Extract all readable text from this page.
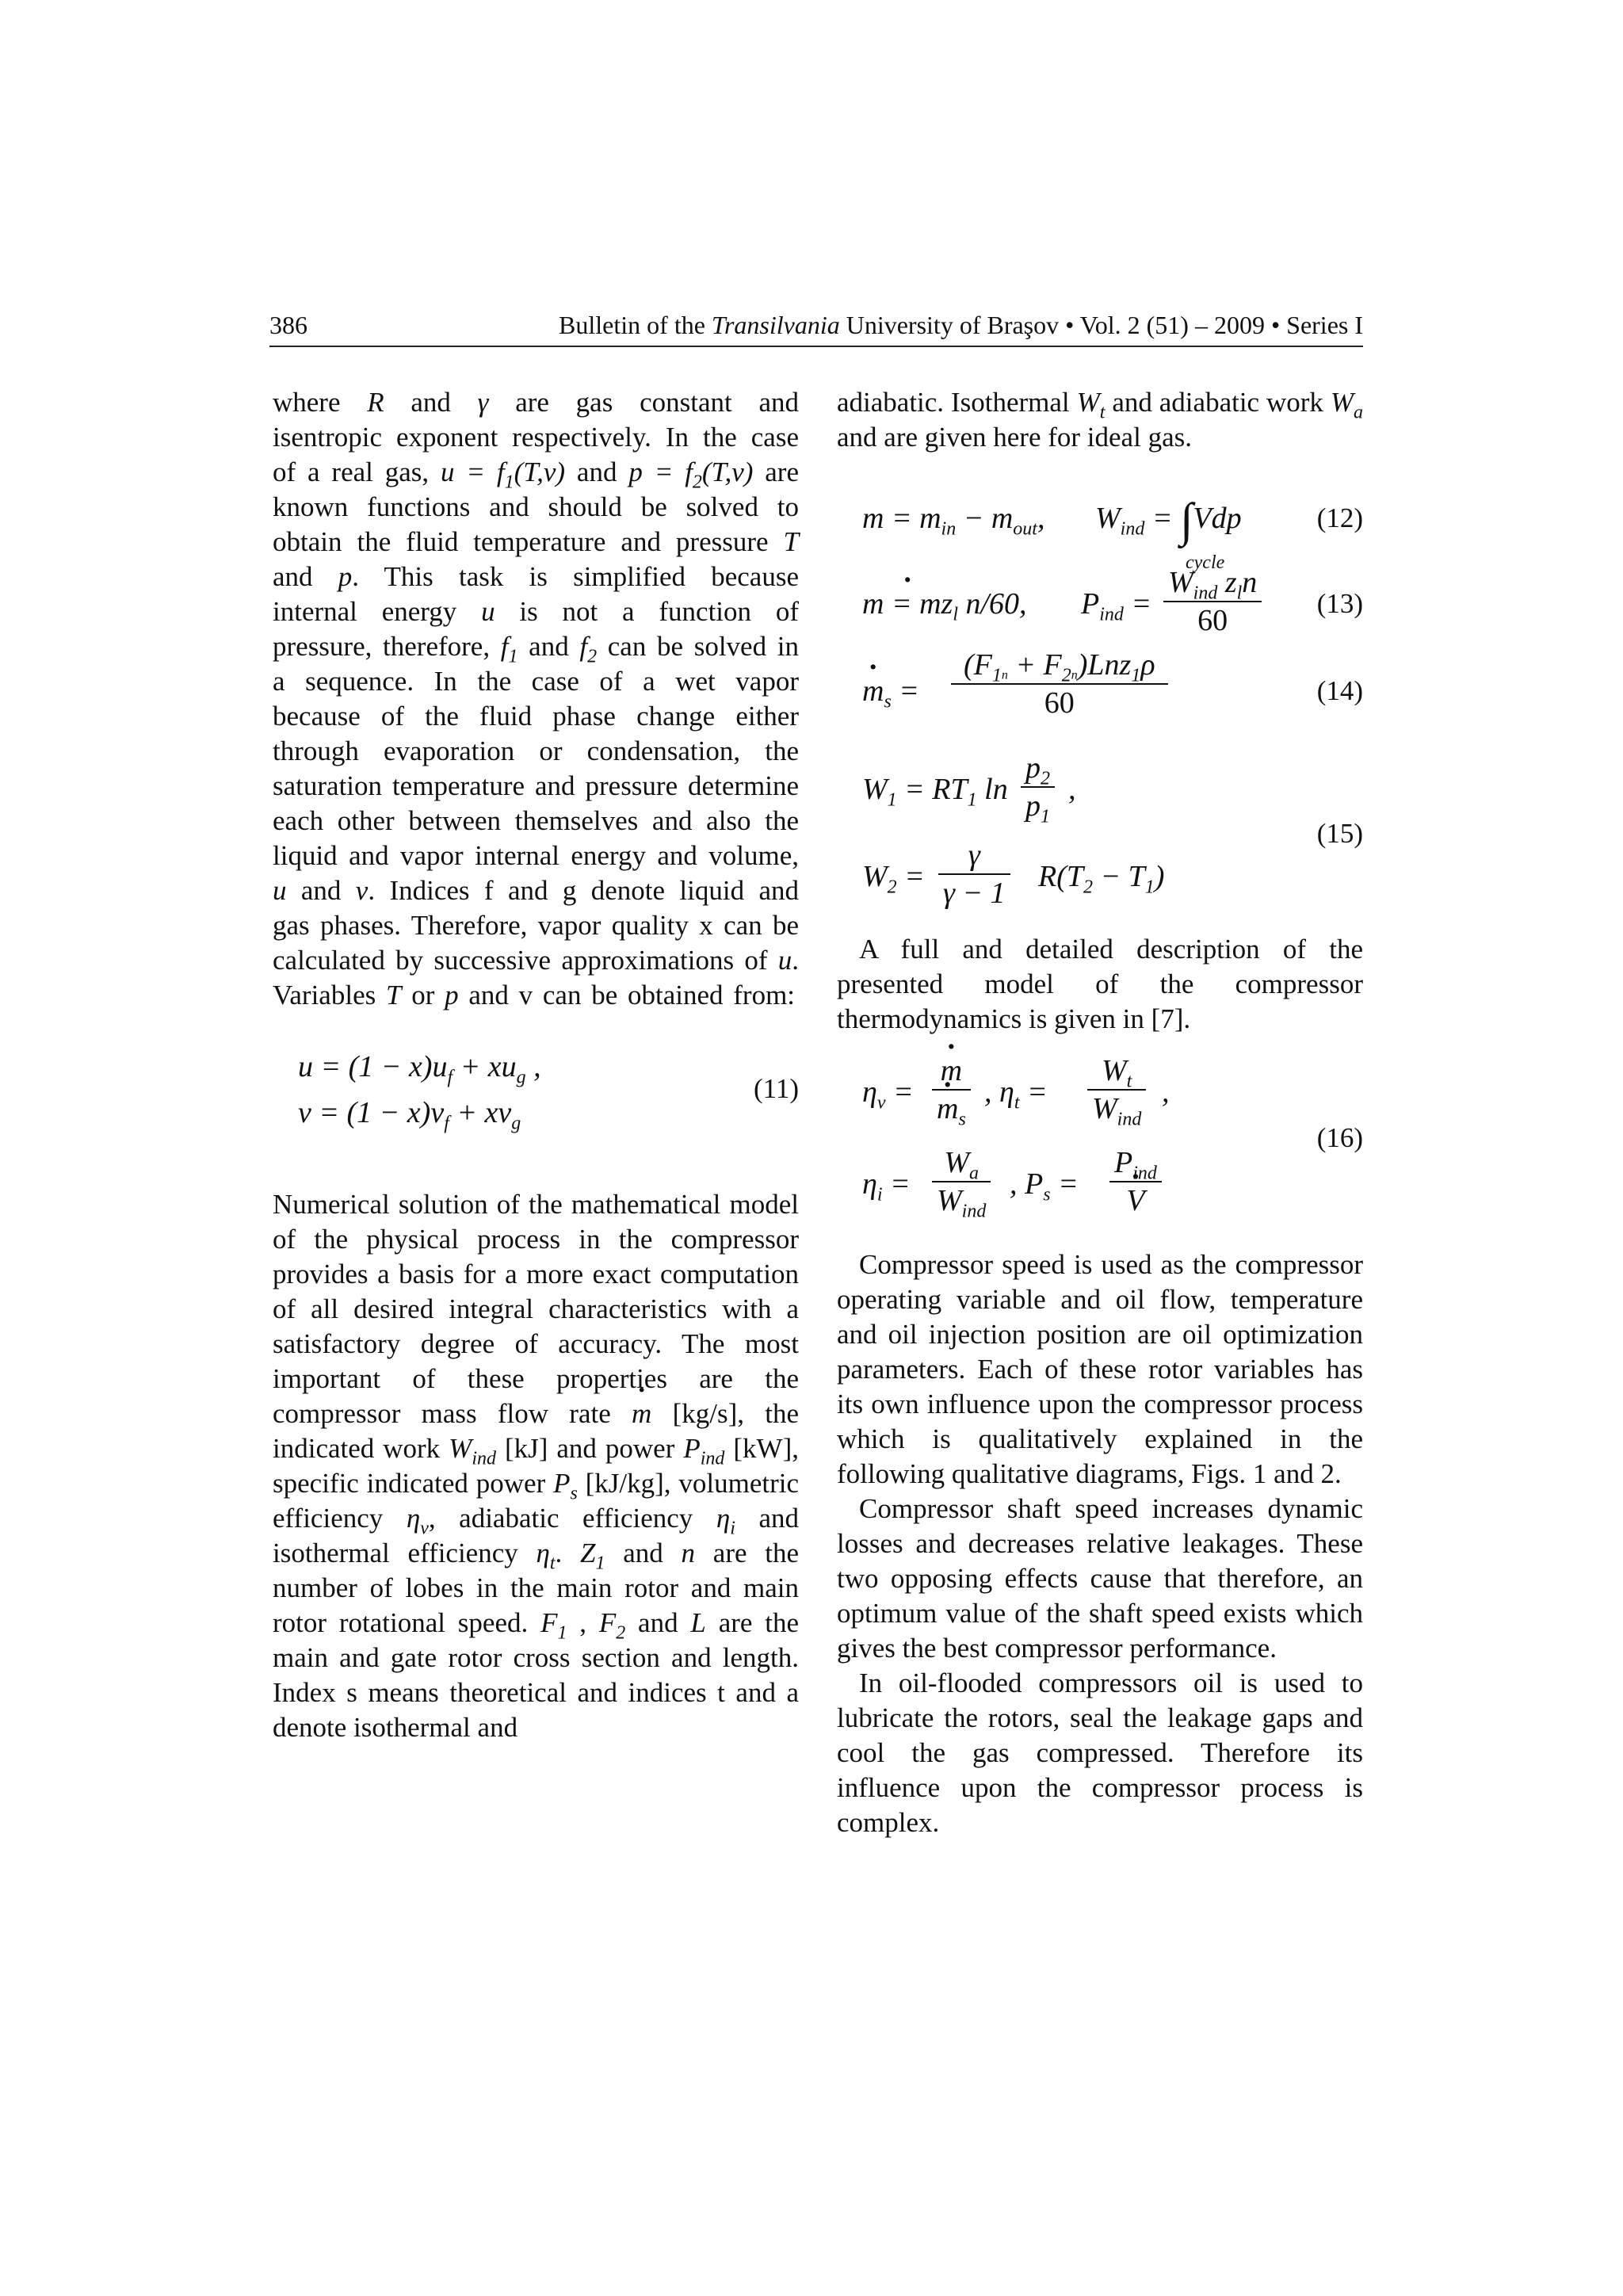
386	Bulletin of the Transilvania University of Braşov • Vol. 2 (51) – 2009 • Series I

where R and γ are gas constant and isentropic exponent respectively. In the case of a real gas, $u = f_1(T,v)$ and $p = f_2(T,v)$ are known functions and should be solved to obtain the fluid temperature and pressure T and p. This task is simplified because internal energy u is not a function of pressure, therefore, $f_1$ and $f_2$ can be solved in a sequence. In the case of a wet vapor because of the fluid phase change either through evaporation or condensation, the saturation temperature and pressure determine each other between themselves and also the liquid and vapor internal energy and volume, u and v. Indices f and g denote liquid and gas phases. Therefore, vapor quality x can be calculated by successive approximations of u. Variables T or p and v can be obtained from:

$u = (1 - x)u_f + xu_g$ ,
$v = (1 - x)v_f + xv_g$
(11)

Numerical solution of the mathematical model of the physical process in the compressor provides a basis for a more exact computation of all desired integral characteristics with a satisfactory degree of accuracy. The most important of these properties are the compressor mass flow rate · m [kg/s], the indicated work $W_{ind}$ [kJ] and power $P_{ind}$ [kW], specific indicated power $P_s$ [kJ/kg], volumetric efficiency $\eta_v$, adiabatic efficiency $\eta_i$ and isothermal efficiency $\eta_t$. $Z_1$ and n are the number of lobes in the main rotor and main rotor rotational speed. $F_1$ , $F_2$ and L are the main and gate rotor cross section and length. Index s means theoretical and indices t and a denote isothermal and

adiabatic. Isothermal $W_t$ and adiabatic work $W_a$ and are given here for ideal gas.

$m = m_{in} - m_{out}$, $W_{ind} = \int Vdp$
cycle
(12)
· $m = mz_l$ n/60, $P_{ind}$ =
$W_{ind}$ $z_ln$
60
(13)
· $m_s$ =
$(F_{1n} + F_{2n})Lnz_1\rho$
60	(14)
$W_1 = RT_1$ $\ln \frac{p_2}{p_1}$ ,
$W_2 = \frac{\gamma}{\gamma - 1} R(T_2 - T_1)$
(15)

A full and detailed description of the presented model of the compressor thermodynamics is given in [7].

$\eta_v$ =
· m
· $m_s$ , $\eta_t$ =
$W_t$
$W_{ind}$
,
$\eta_i$ =
$W_a$
$W_{ind}$
, $P_s$ =
$P_{ind}$
· V
(16)

Compressor speed is used as the compressor operating variable and oil flow, temperature and oil injection position are oil optimization parameters. Each of these rotor variables has its own influence upon the compressor process which is qualitatively explained in the following qualitative diagrams, Figs. 1 and 2.

Compressor shaft speed increases dynamic losses and decreases relative leakages. These two opposing effects cause that therefore, an optimum value of the shaft speed exists which gives the best compressor performance.

In oil-flooded compressors oil is used to lubricate the rotors, seal the leakage gaps and cool the gas compressed. Therefore its influence upon the compressor process is complex.
